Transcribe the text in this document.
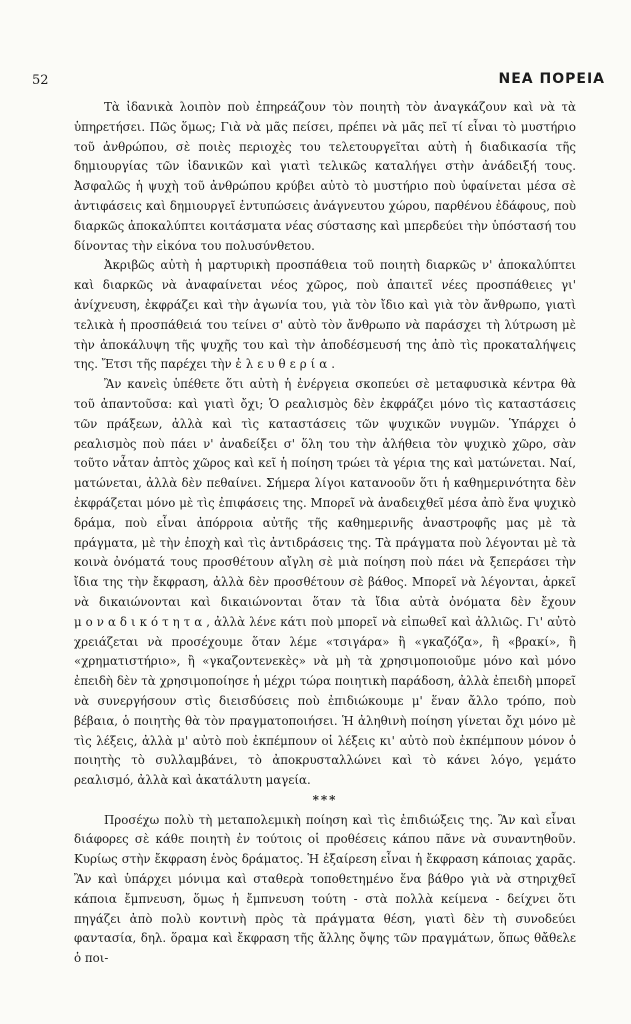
52	ΝΕΑ ΠΟΡΕΙΑ

Τὰ ἰδανικὰ λοιπὸν ποὺ ἐπηρεάζουν τὸν ποιητὴ τὸν ἀναγκάζουν καὶ νὰ τὰ ὑπηρετήσει. Πῶς ὅμως; Γιὰ νὰ μᾶς πείσει, πρέπει νὰ μᾶς πεῖ τί εἶναι τὸ μυστήριο τοῦ ἀνθρώπου, σὲ ποιὲς περιοχὲς του τελετουργεῖται αὐτὴ ἡ διαδικασία τῆς δημιουργίας τῶν ἰδανικῶν καὶ γιατὶ τελικῶς καταλήγει στὴν ἀνάδειξή τους. Ἀσφαλῶς ἡ ψυχὴ τοῦ ἀνθρώπου κρύβει αὐτὸ τὸ μυστήριο ποὺ ὑφαίνεται μέσα σὲ ἀντιφάσεις καὶ δημιουργεῖ ἐντυπώσεις ἀνάγνευτου χώρου, παρθένου ἐδάφους, ποὺ διαρκῶς ἀποκαλύπτει κοιτάσματα νέας σύστασης καὶ μπερδεύει τὴν ὑπόστασή του δίνοντας τὴν εἰκόνα του πολυσύνθετου.

Ἀκριβῶς αὐτὴ ἡ μαρτυρικὴ προσπάθεια τοῦ ποιητὴ διαρκῶς ν' ἀποκαλύπτει καὶ διαρκῶς νὰ ἀναφαίνεται νέος χῶρος, ποὺ ἀπαιτεῖ νέες προσπάθειες γι' ἀνίχνευση, ἐκφράζει καὶ τὴν ἀγωνία του, γιὰ τὸν ἴδιο καὶ γιὰ τὸν ἄνθρωπο, γιατὶ τελικὰ ἡ προσπάθειά του τείνει σ' αὐτὸ τὸν ἄνθρωπο νὰ παράσχει τὴ λύτρωση μὲ τὴν ἀποκάλυψη τῆς ψυχῆς του καὶ τὴν ἀποδέσμευσή της ἀπὸ τὶς προκαταλήψεις της. Ἔτσι τῆς παρέχει τὴν ἐλευθερία.

Ἂν κανεὶς ὑπέθετε ὅτι αὐτὴ ἡ ἐνέργεια σκοπεύει σὲ μεταφυσικὰ κέντρα θὰ τοῦ ἀπαντοῦσα: καὶ γιατὶ ὄχι; Ὁ ρεαλισμὸς δὲν ἐκφράζει μόνο τὶς καταστάσεις τῶν πράξεων, ἀλλὰ καὶ τὶς καταστάσεις τῶν ψυχικῶν νυγμῶν. Ὑπάρχει ὁ ρεαλισμὸς ποὺ πάει ν' ἀναδείξει σ' ὅλη του τὴν ἀλήθεια τὸν ψυχικὸ χῶρο, σὰν τοῦτο νἆταν ἀπτὸς χῶρος καὶ κεῖ ἡ ποίηση τρώει τὰ γέρια της καὶ ματώνεται. Ναί, ματώνεται, ἀλλὰ δὲν πεθαίνει. Σήμερα λίγοι κατανοοῦν ὅτι ἡ καθημερινότητα δὲν ἐκφράζεται μόνο μὲ τὶς ἐπιφάσεις της. Μπορεῖ νὰ ἀναδειχθεῖ μέσα ἀπὸ ἕνα ψυχικὸ δράμα, ποὺ εἶναι ἀπόρροια αὐτῆς τῆς καθημερινῆς ἀναστροφῆς μας μὲ τὰ πράγματα, μὲ τὴν ἐποχὴ καὶ τὶς ἀντιδράσεις της. Τὰ πράγματα ποὺ λέγονται μὲ τὰ κοινὰ ὀνόματά τους προσθέτουν αἴγλη σὲ μιὰ ποίηση ποὺ πάει νὰ ξεπεράσει τὴν ἴδια της τὴν ἔκφραση, ἀλλὰ δὲν προσθέτουν σὲ βάθος. Μπορεῖ νὰ λέγονται, ἀρκεῖ νὰ δικαιώνονται καὶ δικαιώνονται ὅταν τὰ ἴδια αὐτὰ ὀνόματα δὲν ἔχουν μοναδικότητα, ἀλλὰ λένε κάτι ποὺ μπορεῖ νὰ εἰπωθεῖ καὶ ἀλλιῶς. Γι' αὐτὸ χρειάζεται νὰ προσέχουμε ὅταν λέμε «τσιγάρα» ἢ «γκαζόζα», ἢ «βρακί», ἢ «χρηματιστήριο», ἢ «γκαζοντενεκὲς» νὰ μὴ τὰ χρησιμοποιοῦμε μόνο καὶ μόνο ἐπειδὴ δὲν τὰ χρησιμοποίησε ἡ μέχρι τώρα ποιητικὴ παράδοση, ἀλλὰ ἐπειδὴ μπορεῖ νὰ συνεργήσουν στὶς διεισδύσεις ποὺ ἐπιδιώκουμε μ' ἕναν ἄλλο τρόπο, ποὺ βέβαια, ὁ ποιητὴς θὰ τὸν πραγματοποιήσει. Ἡ ἀληθινὴ ποίηση γίνεται ὄχι μόνο μὲ τὶς λέξεις, ἀλλὰ μ' αὐτὸ ποὺ ἐκπέμπουν οἱ λέξεις κι' αὐτὸ ποὺ ἐκπέμπουν μόνον ὁ ποιητὴς τὸ συλλαμβάνει, τὸ ἀποκρυσταλλώνει καὶ τὸ κάνει λόγο, γεμάτο ρεαλισμό, ἀλλὰ καὶ ἀκατάλυτη μαγεία.

***

Προσέχω πολὺ τὴ μεταπολεμικὴ ποίηση καὶ τὶς ἐπιδιώξεις της. Ἂν καὶ εἶναι διάφορες σὲ κάθε ποιητὴ ἐν τούτοις οἱ προθέσεις κάπου πᾶνε νὰ συναντηθοῦν. Κυρίως στὴν ἔκφραση ἑνὸς δράματος. Ἡ ἐξαίρεση εἶναι ἡ ἔκφραση κάποιας χαρᾶς. Ἂν καὶ ὑπάρχει μόνιμα καὶ σταθερὰ τοποθετημένο ἕνα βάθρο γιὰ νὰ στηριχθεῖ κάποια ἔμπνευση, ὅμως ἡ ἔμπνευση τούτη - στὰ πολλὰ κείμενα - δείχνει ὅτι πηγάζει ἀπὸ πολὺ κοντινὴ πρὸς τὰ πράγματα θέση, γιατὶ δὲν τὴ συνοδεύει φαντασία, δηλ. ὅραμα καὶ ἔκφραση τῆς ἄλλης ὄψης τῶν πραγμάτων, ὅπως θἄθελε ὁ ποι-
